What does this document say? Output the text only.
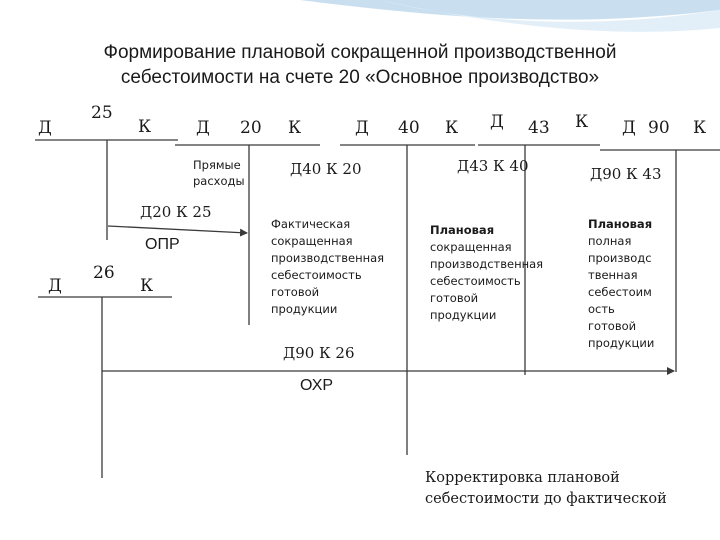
Формирование плановой сокращенной производственной
себестоимости на счете 20 «Основное производство»
Д
25
К	Д 20 К	Д 40 К Д 43 К Д 90 К
Д
26
К
Прямые
расходы
Д20 К 25
ОПР
Д40 К 20	Д43 К 40	Д90 К 43
Д90 К 26
ОХР
Фактическая
сокращенная
производственная
себестоимость
готовой
продукции
Плановая
сокращенная
производственная
себестоимость
готовой
продукции
Плановая
полная
производс
твенная
себестоим
ость
готовой
продукции
Корректировка плановой
себестоимости до фактической
